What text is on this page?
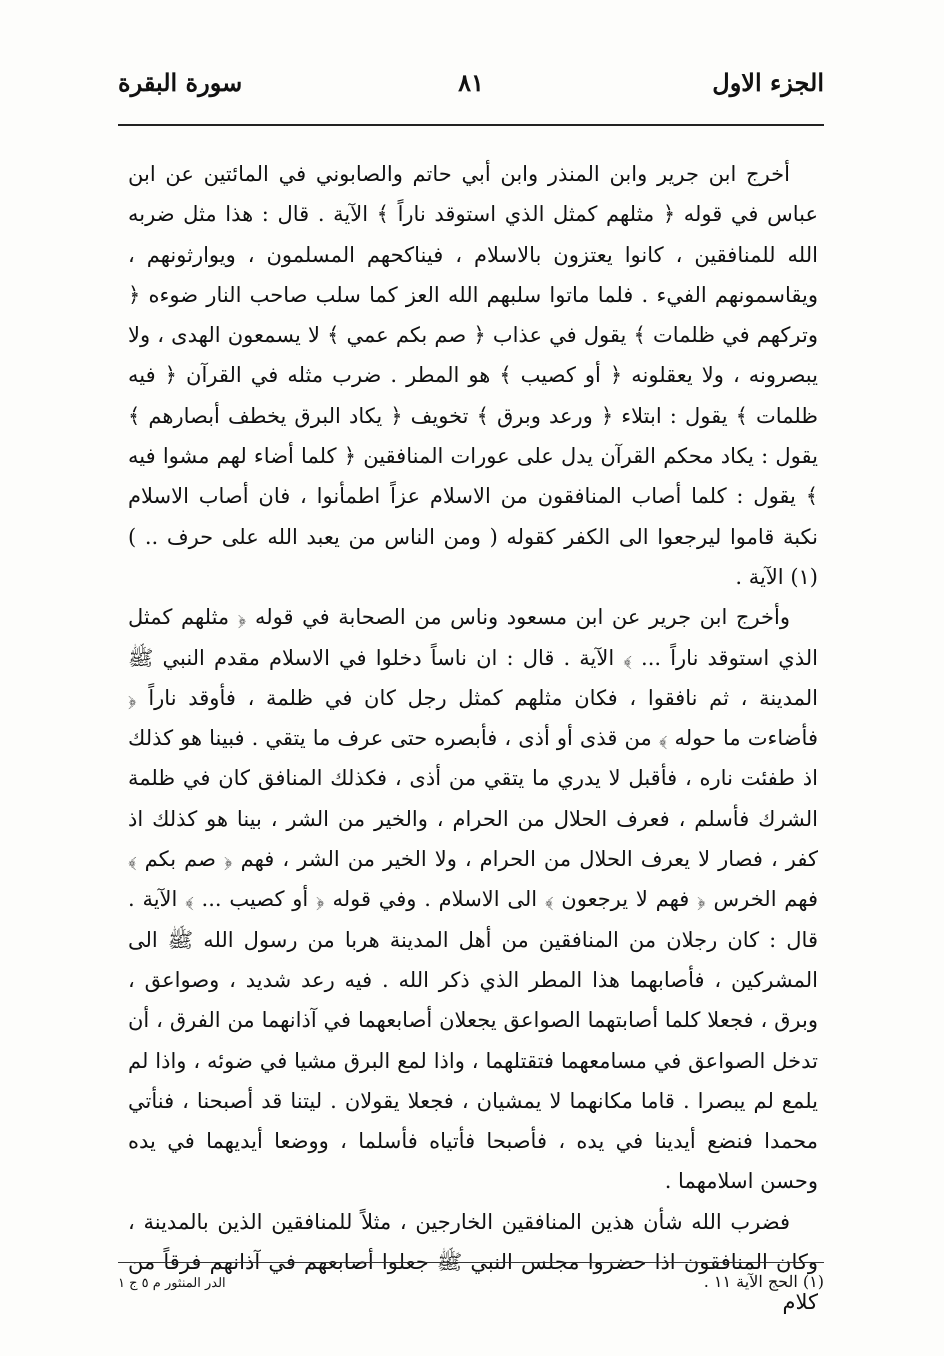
الجزء الاول
٨١
سورة البقرة

أخرج ابن جرير وابن المنذر وابن أبي حاتم والصابوني في المائتين عن ابن عباس في قوله ﴿ مثلهم كمثل الذي استوقد ناراً ﴾ الآية . قال : هذا مثل ضربه الله للمنافقين ، كانوا يعتزون بالاسلام ، فيناكحهم المسلمون ، ويوارثونهم ، ويقاسمونهم الفيء . فلما ماتوا سلبهم الله العز كما سلب صاحب النار ضوءه ﴿ وتركهم في ظلمات ﴾ يقول في عذاب ﴿ صم بكم عمي ﴾ لا يسمعون الهدى ، ولا يبصرونه ، ولا يعقلونه ﴿ أو كصيب ﴾ هو المطر . ضرب مثله في القرآن ﴿ فيه ظلمات ﴾ يقول : ابتلاء ﴿ ورعد وبرق ﴾ تخويف ﴿ يكاد البرق يخطف أبصارهم ﴾ يقول : يكاد محكم القرآن يدل على عورات المنافقين ﴿ كلما أضاء لهم مشوا فيه ﴾ يقول : كلما أصاب المنافقون من الاسلام عزاً اطمأنوا ، فان أصاب الاسلام نكبة قاموا ليرجعوا الى الكفر كقوله ( ومن الناس من يعبد الله على حرف .. ) (١) الآية .

وأخرج ابن جرير عن ابن مسعود وناس من الصحابة في قوله ﴿ مثلهم كمثل الذي استوقد ناراً ... ﴾ الآية . قال : ان ناساً دخلوا في الاسلام مقدم النبي ﷺ المدينة ، ثم نافقوا ، فكان مثلهم كمثل رجل كان في ظلمة ، فأوقد ناراً ﴿ فأضاءت ما حوله ﴾ من قذى أو أذى ، فأبصره حتى عرف ما يتقي . فبينا هو كذلك اذ طفئت ناره ، فأقبل لا يدري ما يتقي من أذى ، فكذلك المنافق كان في ظلمة الشرك فأسلم ، فعرف الحلال من الحرام ، والخير من الشر ، بينا هو كذلك اذ كفر ، فصار لا يعرف الحلال من الحرام ، ولا الخير من الشر ، فهم ﴿ صم بكم ﴾ فهم الخرس ﴿ فهم لا يرجعون ﴾ الى الاسلام . وفي قوله ﴿ أو كصيب ... ﴾ الآية . قال : كان رجلان من المنافقين من أهل المدينة هربا من رسول الله ﷺ الى المشركين ، فأصابهما هذا المطر الذي ذكر الله . فيه رعد شديد ، وصواعق ، وبرق ، فجعلا كلما أصابتهما الصواعق يجعلان أصابعهما في آذانهما من الفرق ، أن تدخل الصواعق في مسامعهما فتقتلهما ، واذا لمع البرق مشيا في ضوئه ، واذا لم يلمع لم يبصرا . قاما مكانهما لا يمشيان ، فجعلا يقولان . ليتنا قد أصبحنا ، فنأتي محمدا فنضع أيدينا في يده ، فأصبحا فأتياه فأسلما ، ووضعا أيديهما في يده وحسن اسلامهما .

فضرب الله شأن هذين المنافقين الخارجين ، مثلاً للمنافقين الذين بالمدينة ، وكان المنافقون اذا حضروا مجلس النبي ﷺ جعلوا أصابعهم في آذانهم فرقاً من كلام

(١) الحج الآية ١١ .
الدر المنثور م ٥ ج ١
